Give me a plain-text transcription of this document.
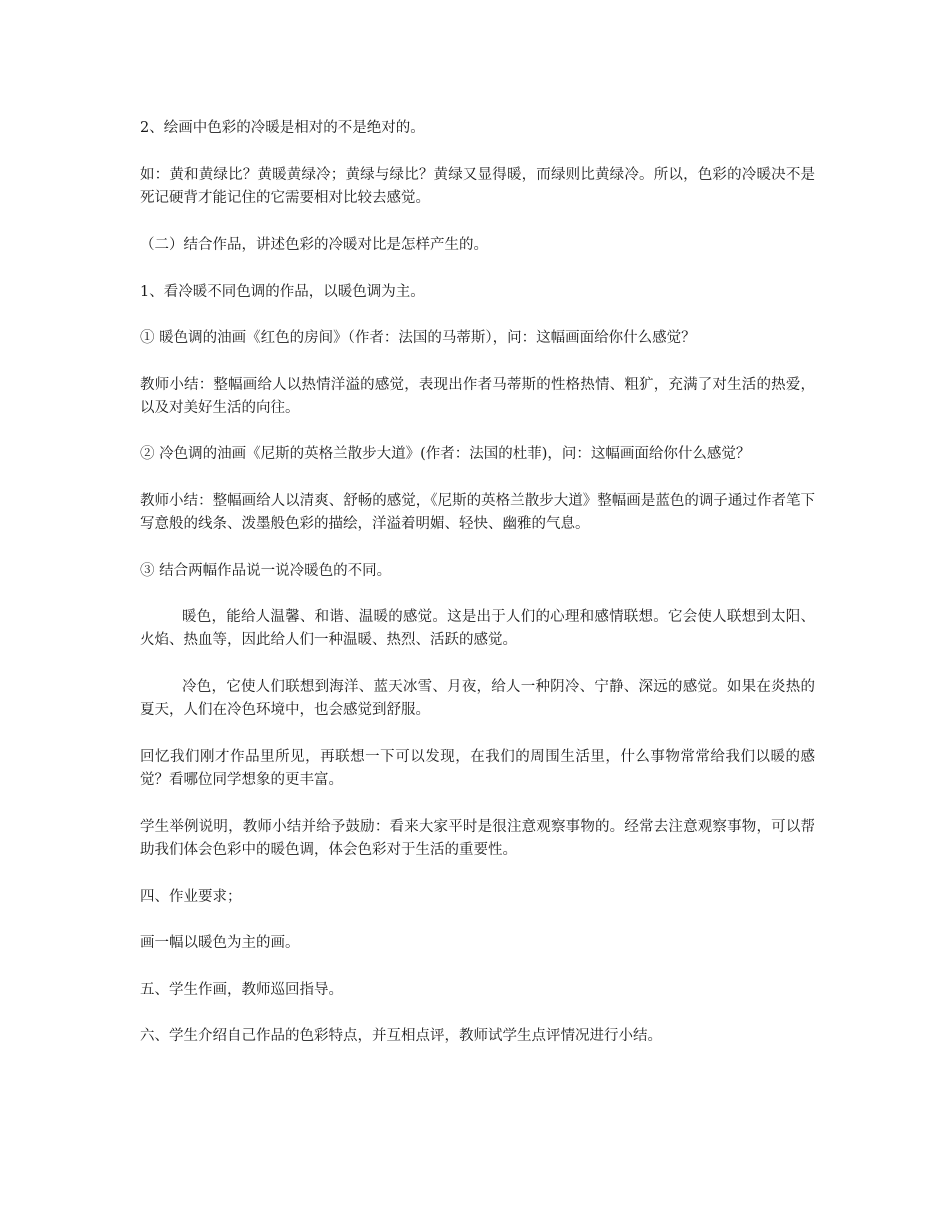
2、绘画中色彩的冷暖是相对的不是绝对的。

如：黄和黄绿比？黄暖黄绿冷；黄绿与绿比？黄绿又显得暖，而绿则比黄绿冷。所以，色彩的冷暖决不是死记硬背才能记住的它需要相对比较去感觉。

（二）结合作品，讲述色彩的冷暖对比是怎样产生的。

1、看冷暖不同色调的作品，以暖色调为主。

① 暖色调的油画《红色的房间》（作者：法国的马蒂斯），问：这幅画面给你什么感觉？

教师小结：整幅画给人以热情洋溢的感觉，表现出作者马蒂斯的性格热情、粗犷，充满了对生活的热爱，以及对美好生活的向往。

② 冷色调的油画《尼斯的英格兰散步大道》(作者：法国的杜菲)，问：这幅画面给你什么感觉？

教师小结：整幅画给人以清爽、舒畅的感觉，《尼斯的英格兰散步大道》整幅画是蓝色的调子通过作者笔下写意般的线条、泼墨般色彩的描绘，洋溢着明媚、轻快、幽雅的气息。

③ 结合两幅作品说一说冷暖色的不同。

暖色，能给人温馨、和谐、温暖的感觉。这是出于人们的心理和感情联想。它会使人联想到太阳、火焰、热血等，因此给人们一种温暖、热烈、活跃的感觉。

冷色，它使人们联想到海洋、蓝天冰雪、月夜，给人一种阴冷、宁静、深远的感觉。如果在炎热的夏天，人们在冷色环境中，也会感觉到舒服。

回忆我们刚才作品里所见，再联想一下可以发现，在我们的周围生活里，什么事物常常给我们以暖的感觉？看哪位同学想象的更丰富。

学生举例说明，教师小结并给予鼓励：看来大家平时是很注意观察事物的。经常去注意观察事物，可以帮助我们体会色彩中的暖色调，体会色彩对于生活的重要性。

四、作业要求；

画一幅以暖色为主的画。

五、学生作画，教师巡回指导。

六、学生介绍自己作品的色彩特点，并互相点评，教师试学生点评情况进行小结。
